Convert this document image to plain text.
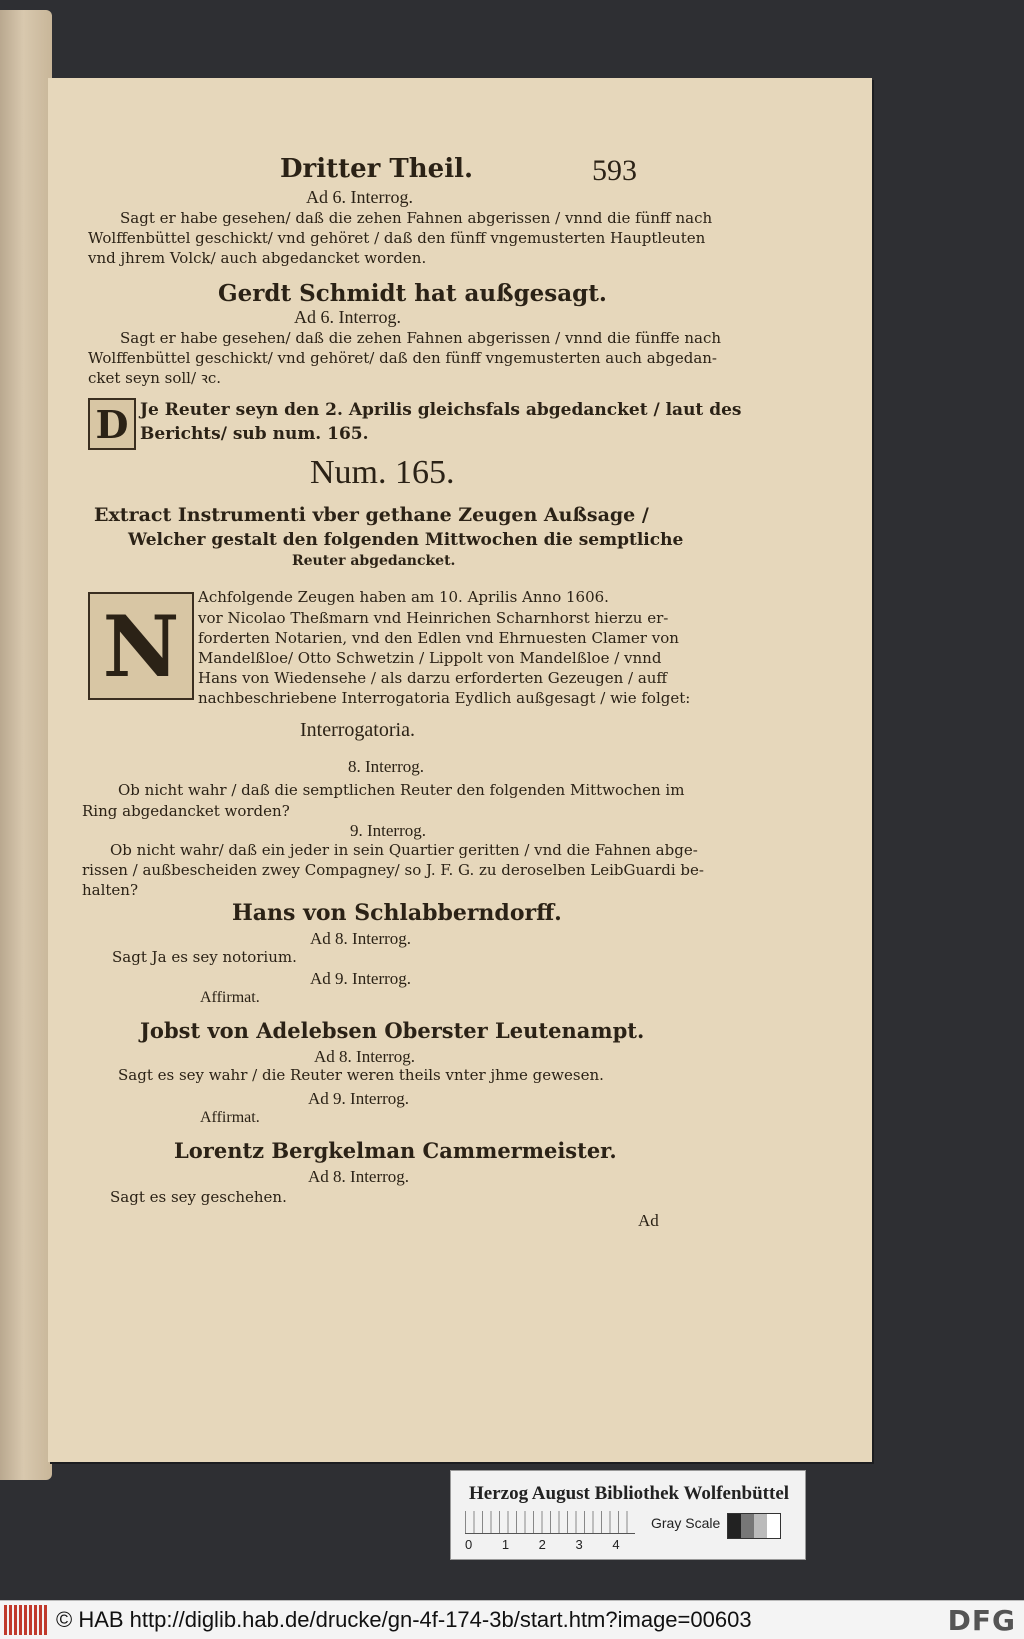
Dritter Theil.	593
Ad 6. Interrog.
Sagt er habe gesehen/ daß die zehen Fahnen abgerissen / vnnd die fünff nach
Wolffenbüttel geschickt/ vnd gehöret / daß den fünff vngemusterten Hauptleuten
vnd jhrem Volck/ auch abgedancket worden.
Gerdt Schmidt hat außgesagt.
Ad 6. Interrog.
Sagt er habe gesehen/ daß die zehen Fahnen abgerissen / vnnd die fünffe nach
Wolffenbüttel geschickt/ vnd gehöret/ daß den fünff vngemusterten auch abgedan-
cket seyn soll/ ꝛc.
D Je Reuter seyn den 2. Aprilis gleichsfals abgedancket / laut des
Berichts/ sub num. 165.
Num. 165.
Extract Instrumenti vber gethane Zeugen Außsage /
Welcher gestalt den folgenden Mittwochen die semptliche
Reuter abgedancket.
N	Achfolgende Zeugen haben am 10. Aprilis Anno 1606.
vor Nicolao Theßmarn vnd Heinrichen Scharnhorst hierzu er-
forderten Notarien, vnd den Edlen vnd Ehrnuesten Clamer von
Mandelßloe/ Otto Schwetzin / Lippolt von Mandelßloe / vnnd
Hans von Wiedensehe / als darzu erforderten Gezeugen / auff
nachbeschriebene Interrogatoria Eydlich außgesagt / wie folget:
Interrogatoria.
8. Interrog.
Ob nicht wahr / daß die semptlichen Reuter den folgenden Mittwochen im
Ring abgedancket worden?
9. Interrog.
Ob nicht wahr/ daß ein jeder in sein Quartier geritten / vnd die Fahnen abge-
rissen / außbescheiden zwey Compagney/ so J. F. G. zu deroselben LeibGuardi be-
halten?
Hans von Schlabberndorff.
Ad 8. Interrog.
Sagt Ja es sey notorium.
Ad 9. Interrog.
Affirmat.
Jobst von Adelebsen Oberster Leutenampt.
Ad 8. Interrog.
Sagt es sey wahr / die Reuter weren theils vnter jhme gewesen.
Ad 9. Interrog.
Affirmat.
Lorentz Bergkelman Cammermeister.
Ad 8. Interrog.
Sagt es sey geschehen.
Ad
Herzog August Bibliothek Wolfenbüttel
0 1 2 3 4
Gray Scale
© HAB http://diglib.hab.de/drucke/gn-4f-174-3b/start.htm?image=00603	DFG
